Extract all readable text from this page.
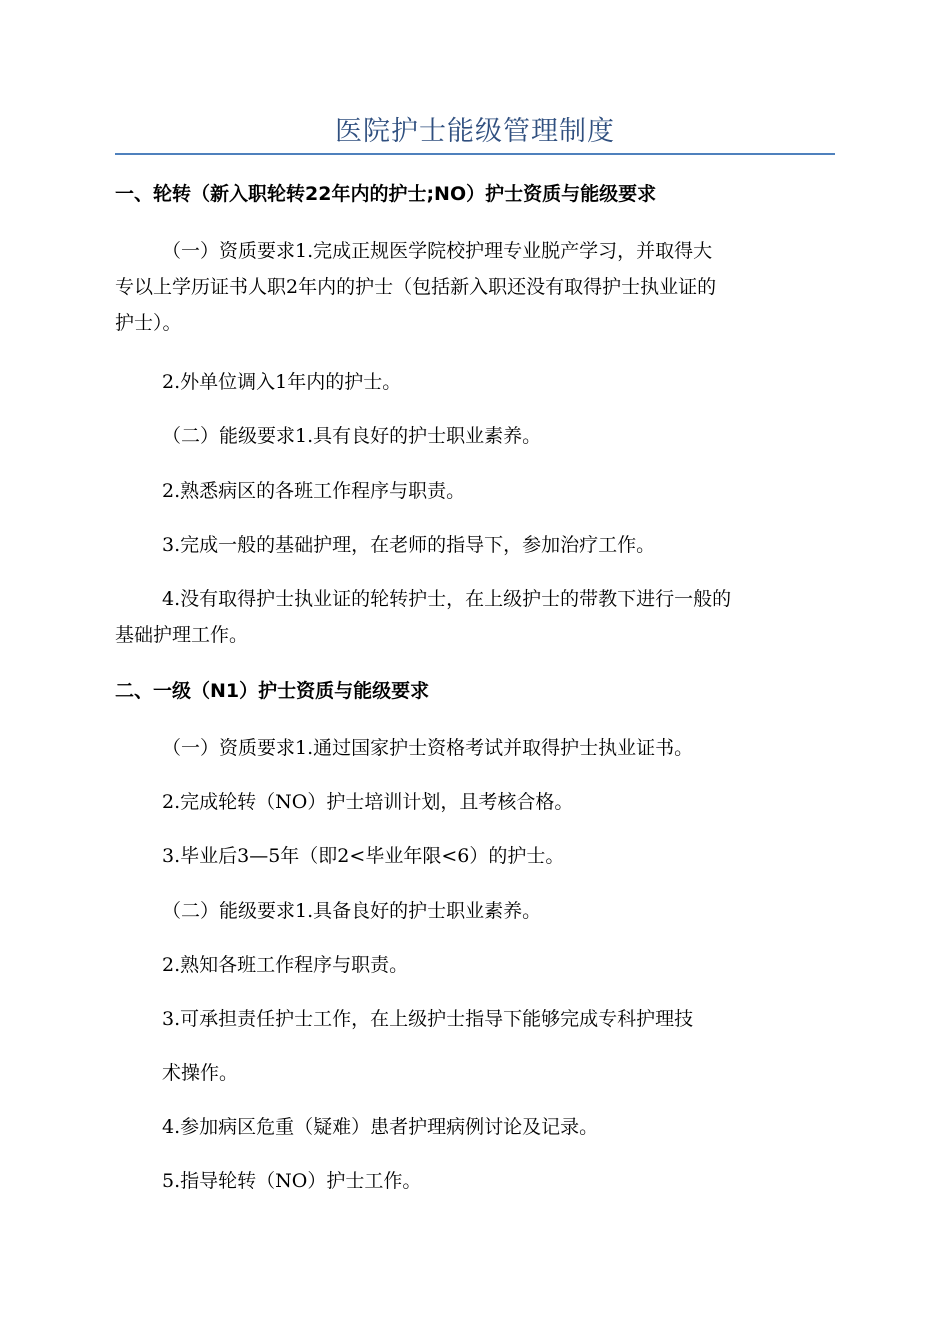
医院护士能级管理制度
一、轮转（新入职轮转22年内的护士;NO）护士资质与能级要求
（一）资质要求1.完成正规医学院校护理专业脱产学习，并取得大
专以上学历证书人职2年内的护士（包括新入职还没有取得护士执业证的
护士）。
2.外单位调入1年内的护士。
（二）能级要求1.具有良好的护士职业素养。
2.熟悉病区的各班工作程序与职责。
3.完成一般的基础护理，在老师的指导下，参加治疗工作。
4.没有取得护士执业证的轮转护士，在上级护士的带教下进行一般的
基础护理工作。
二、一级（N1）护士资质与能级要求
（一）资质要求1.通过国家护士资格考试并取得护士执业证书。
2.完成轮转（NO）护士培训计划，且考核合格。
3.毕业后3—5年（即2<毕业年限<6）的护士。
（二）能级要求1.具备良好的护士职业素养。
2.熟知各班工作程序与职责。
3.可承担责任护士工作，在上级护士指导下能够完成专科护理技
术操作。
4.参加病区危重（疑难）患者护理病例讨论及记录。
5.指导轮转（NO）护士工作。
